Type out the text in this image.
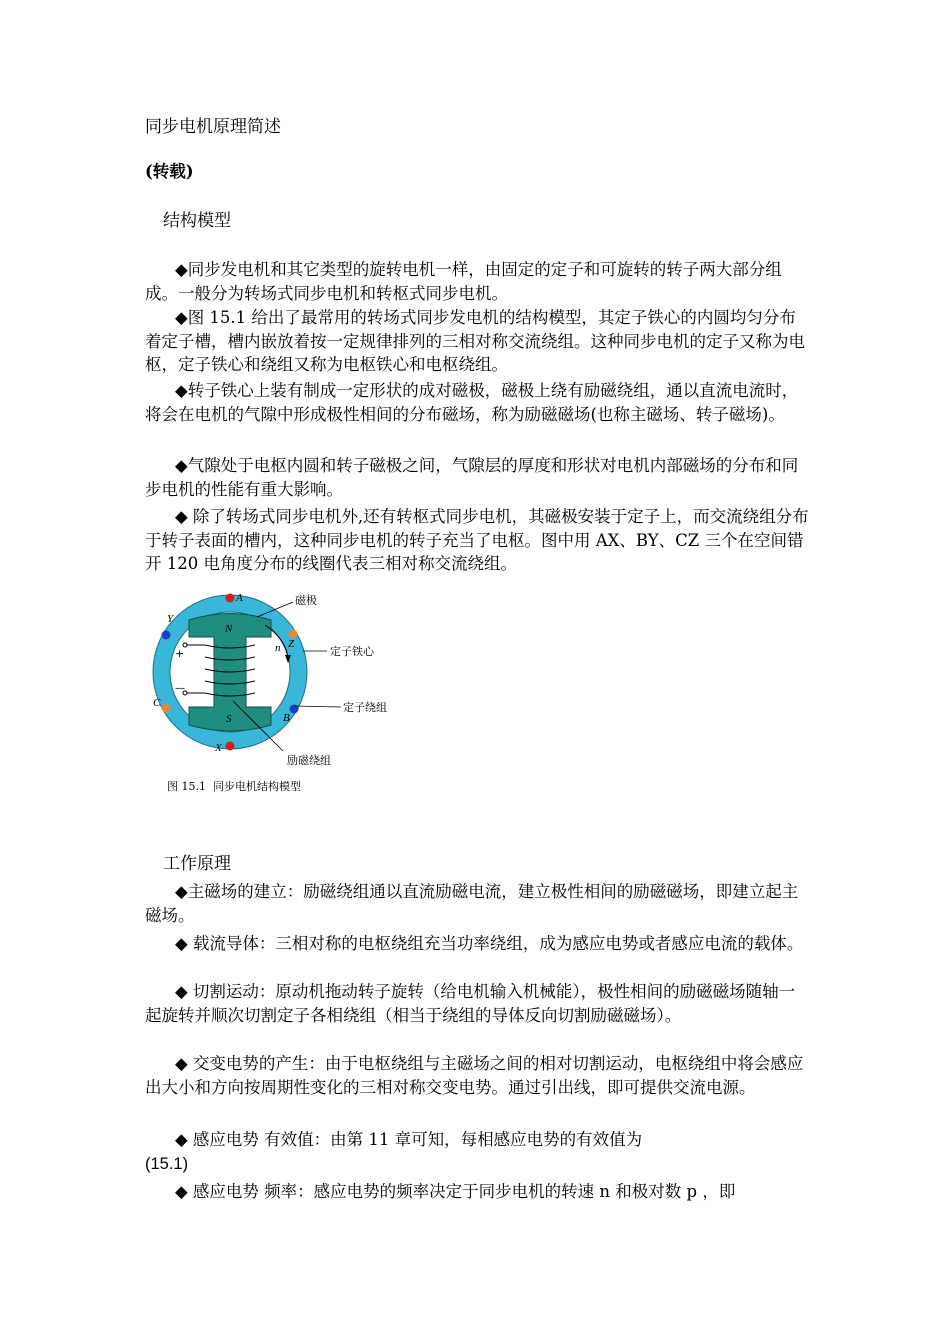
同步电机原理简述

(转载)

结构模型

◆同步发电机和其它类型的旋转电机一样，由固定的定子和可旋转的转子两大部分组成。一般分为转场式同步电机和转枢式同步电机。

◆图 15.1 给出了最常用的转场式同步发电机的结构模型，其定子铁心的内圆均匀分布着定子槽，槽内嵌放着按一定规律排列的三相对称交流绕组。这种同步电机的定子又称为电枢，定子铁心和绕组又称为电枢铁心和电枢绕组。

◆转子铁心上装有制成一定形状的成对磁极，磁极上绕有励磁绕组，通以直流电流时，将会在电机的气隙中形成极性相间的分布磁场，称为励磁磁场(也称主磁场、转子磁场)。

◆气隙处于电枢内圆和转子磁极之间，气隙层的厚度和形状对电机内部磁场的分布和同步电机的性能有重大影响。

◆ 除了转场式同步电机外,还有转枢式同步电机，其磁极安装于定子上，而交流绕组分布于转子表面的槽内，这种同步电机的转子充当了电枢。图中用 AX、BY、CZ 三个在空间错开 120 电角度分布的线圈代表三相对称交流绕组。

A
X
Y
B
C
Z
N
S
n
+
—
磁极
定子铁心
定子绕组
励磁绕组
图 15.1 同步电机结构模型

工作原理

◆主磁场的建立：励磁绕组通以直流励磁电流，建立极性相间的励磁磁场，即建立起主磁场。

◆ 载流导体：三相对称的电枢绕组充当功率绕组，成为感应电势或者感应电流的载体。

◆ 切割运动：原动机拖动转子旋转（给电机输入机械能），极性相间的励磁磁场随轴一起旋转并顺次切割定子各相绕组（相当于绕组的导体反向切割励磁磁场）。

◆ 交变电势的产生：由于电枢绕组与主磁场之间的相对切割运动，电枢绕组中将会感应出大小和方向按周期性变化的三相对称交变电势。通过引出线，即可提供交流电源。

◆ 感应电势 有效值：由第 11 章可知，每相感应电势的有效值为

(15.1)

◆ 感应电势 频率：感应电势的频率决定于同步电机的转速 n 和极对数 p ，即
